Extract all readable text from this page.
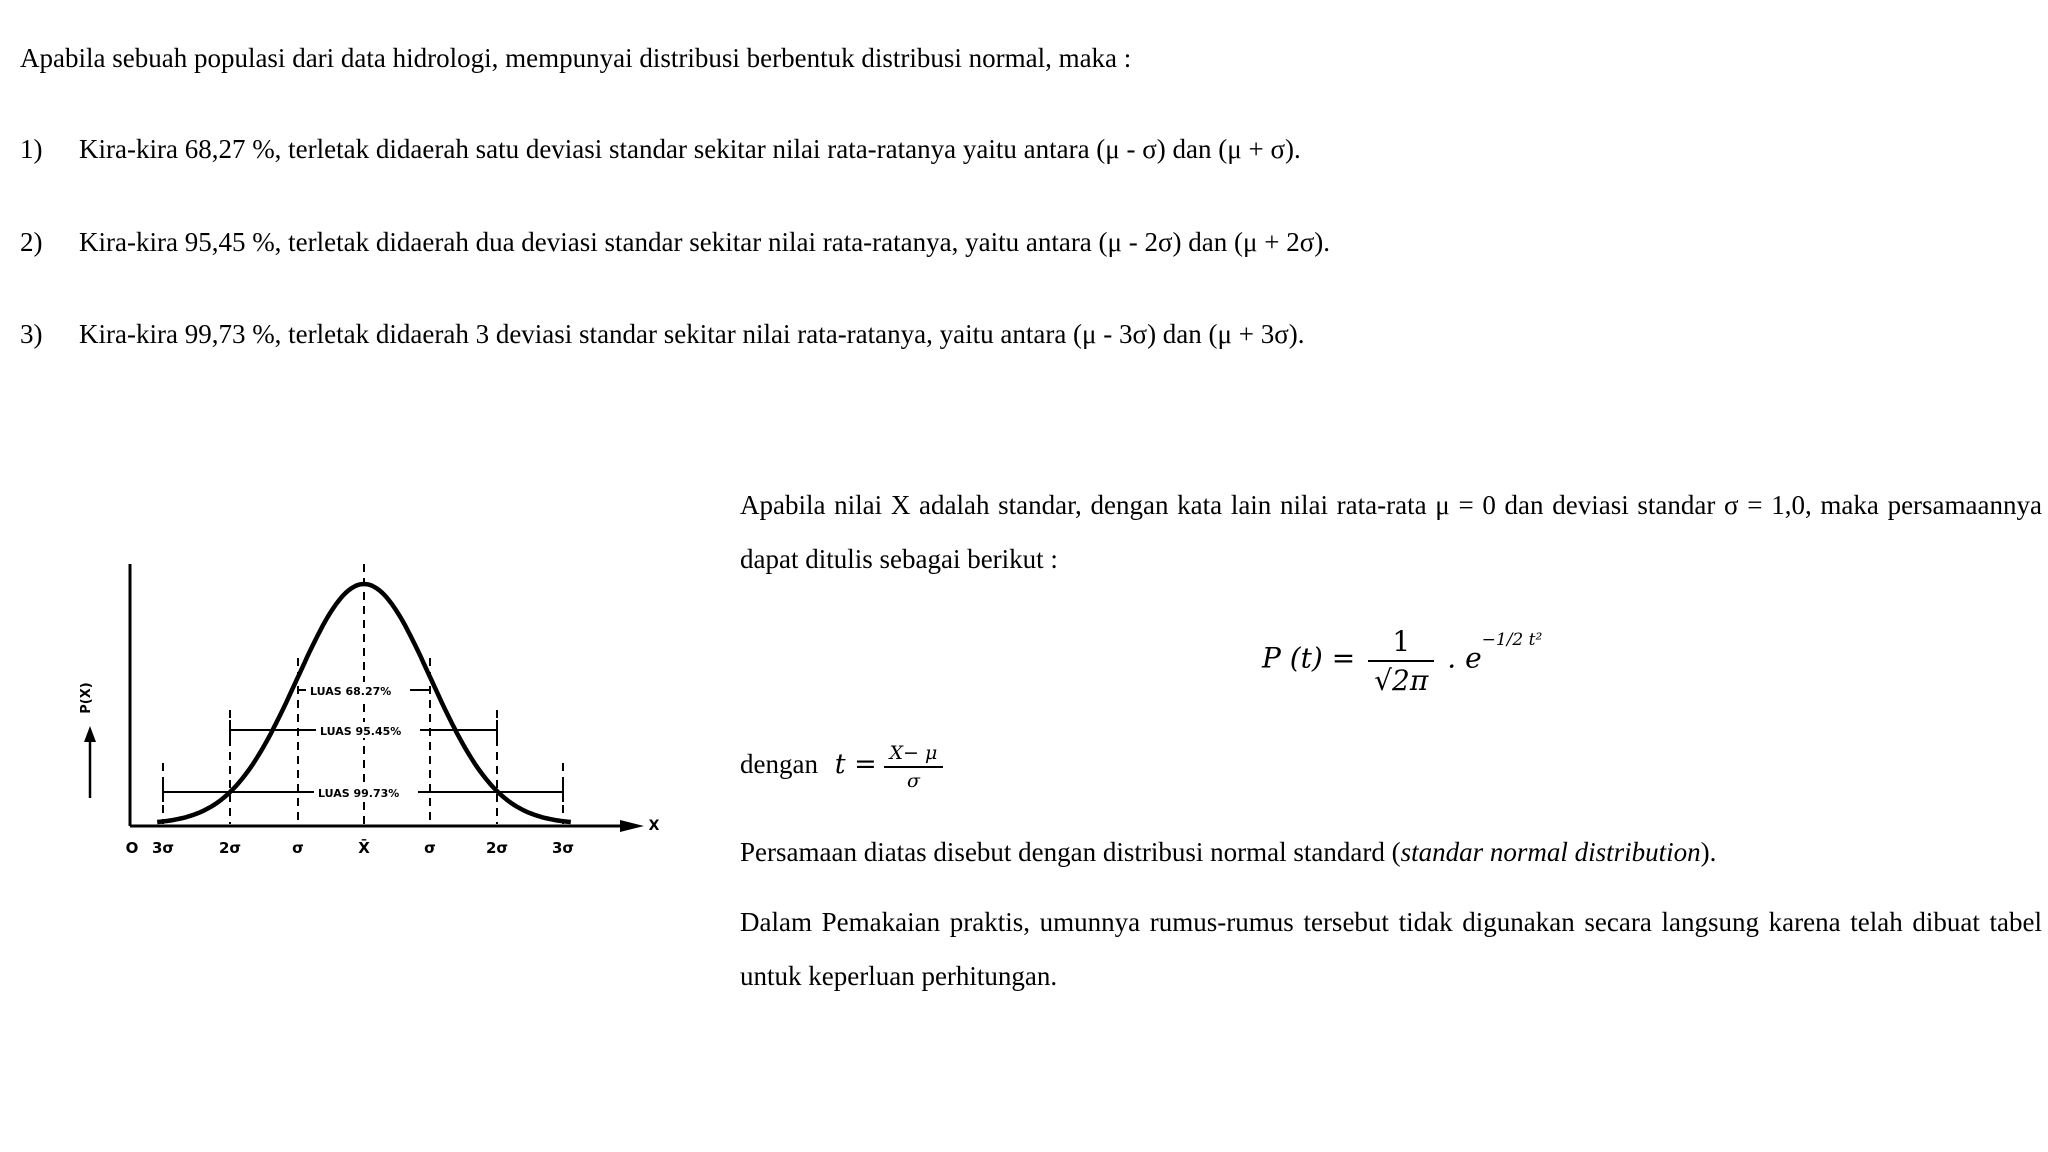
Apabila sebuah populasi dari data hidrologi, mempunyai distribusi berbentuk distribusi normal, maka :
1) Kira-kira 68,27 %, terletak didaerah satu deviasi standar sekitar nilai rata-ratanya yaitu antara (μ - σ) dan (μ + σ).
2) Kira-kira 95,45 %, terletak didaerah dua deviasi standar sekitar nilai rata-ratanya, yaitu antara (μ - 2σ) dan (μ + 2σ).
3) Kira-kira 99,73 %, terletak didaerah 3 deviasi standar sekitar nilai rata-ratanya, yaitu antara (μ - 3σ) dan (μ + 3σ).
P(X)
X
LUAS 68.27%
LUAS 95.45%
LUAS 99.73%
O 3σ	2σ	σ	X̄	σ	2σ	3σ
Apabila nilai X adalah standar, dengan kata lain nilai rata-rata μ = 0 dan deviasi standar σ = 1,0, maka persamaannya dapat ditulis sebagai berikut :
P $(t) = \frac{1}{√2\pi}$ . $e^{-1/2 t^2}$
dengan $t = \frac{X- \mu}{\sigma}$
Persamaan diatas disebut dengan distribusi normal standard (standar normal distribution).
Dalam Pemakaian praktis, umunnya rumus-rumus tersebut tidak digunakan secara langsung karena telah dibuat tabel untuk keperluan perhitungan.
